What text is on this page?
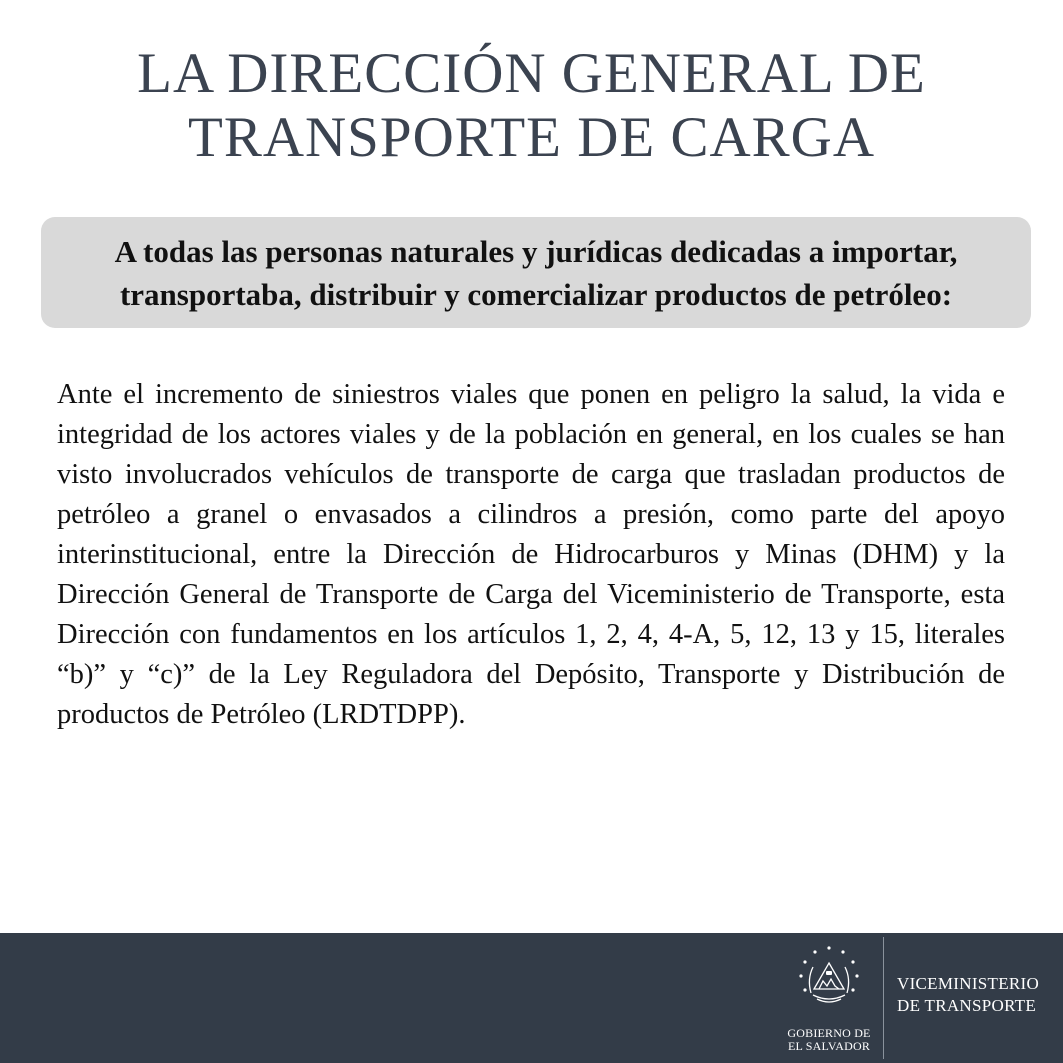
LA DIRECCIÓN GENERAL DE
TRANSPORTE DE CARGA

A todas las personas naturales y jurídicas dedicadas a importar,
transportaba, distribuir y comercializar productos de petróleo:

Ante el incremento de siniestros viales que ponen en peligro la salud, la vida e integridad de los actores viales y de la población en general, en los cuales se han visto involucrados vehículos de transporte de carga que trasladan productos de petróleo a granel o envasados a cilindros a presión, como parte del apoyo interinstitucional, entre la Dirección de Hidrocarburos y Minas (DHM) y la Dirección General de Transporte de Carga del Viceministerio de Transporte, esta Dirección con fundamentos en los artículos 1, 2, 4, 4-A, 5, 12, 13 y 15, literales “b)” y “c)” de la Ley Reguladora del Depósito, Transporte y Distribución de productos de Petróleo (LRDTDPP).

GOBIERNO DE
EL SALVADOR
VICEMINISTERIO
DE TRANSPORTE
